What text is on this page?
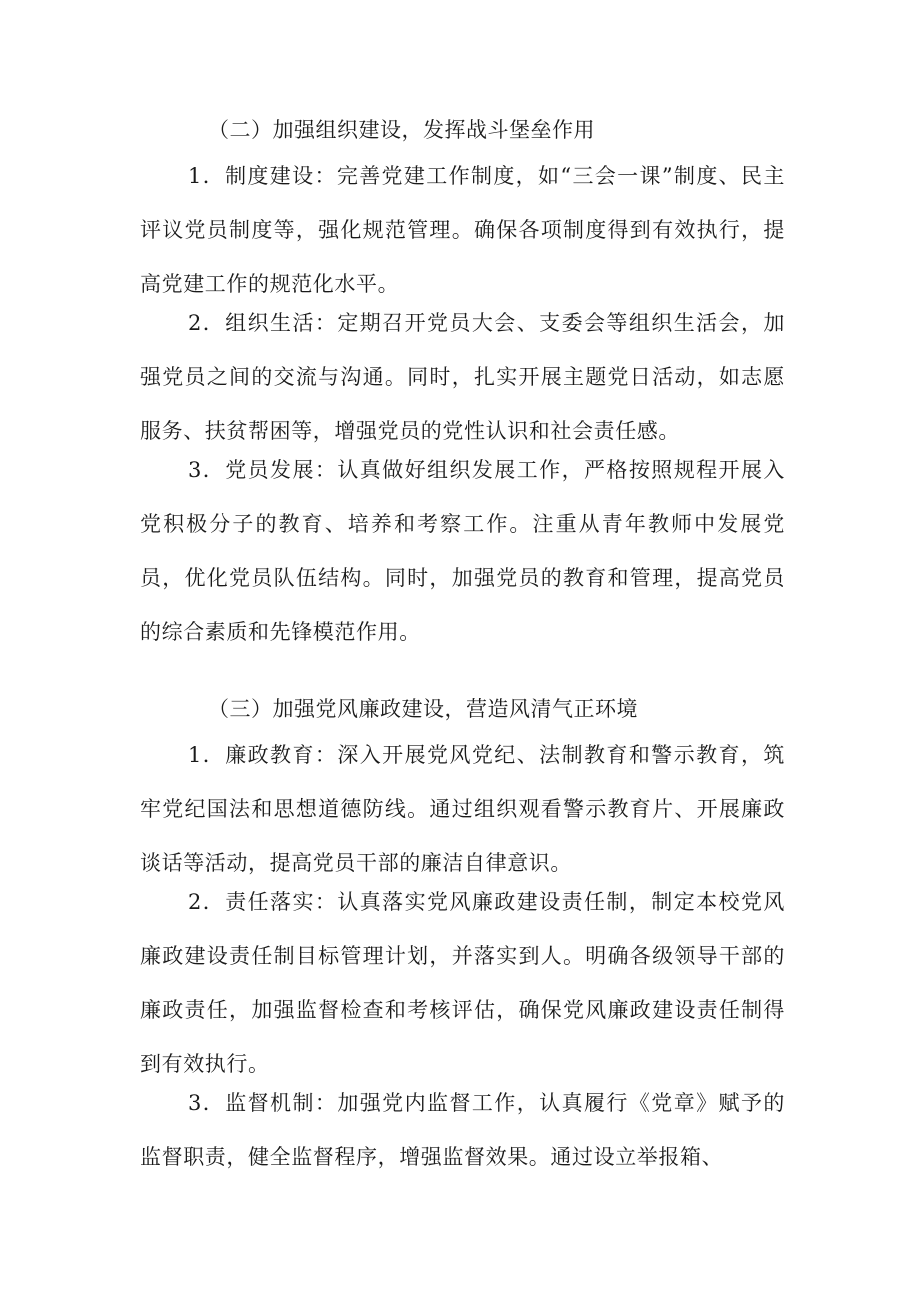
（二）加强组织建设，发挥战斗堡垒作用
1．制度建设：完善党建工作制度，如“三会一课”制度、民主评议党员制度等，强化规范管理。确保各项制度得到有效执行，提高党建工作的规范化水平。
2．组织生活：定期召开党员大会、支委会等组织生活会，加强党员之间的交流与沟通。同时，扎实开展主题党日活动，如志愿服务、扶贫帮困等，增强党员的党性认识和社会责任感。
3．党员发展：认真做好组织发展工作，严格按照规程开展入党积极分子的教育、培养和考察工作。注重从青年教师中发展党员，优化党员队伍结构。同时，加强党员的教育和管理，提高党员的综合素质和先锋模范作用。
（三）加强党风廉政建设，营造风清气正环境
1．廉政教育：深入开展党风党纪、法制教育和警示教育，筑牢党纪国法和思想道德防线。通过组织观看警示教育片、开展廉政谈话等活动，提高党员干部的廉洁自律意识。
2．责任落实：认真落实党风廉政建设责任制，制定本校党风廉政建设责任制目标管理计划，并落实到人。明确各级领导干部的廉政责任，加强监督检查和考核评估，确保党风廉政建设责任制得到有效执行。
3．监督机制：加强党内监督工作，认真履行《党章》赋予的监督职责，健全监督程序，增强监督效果。通过设立举报箱、
